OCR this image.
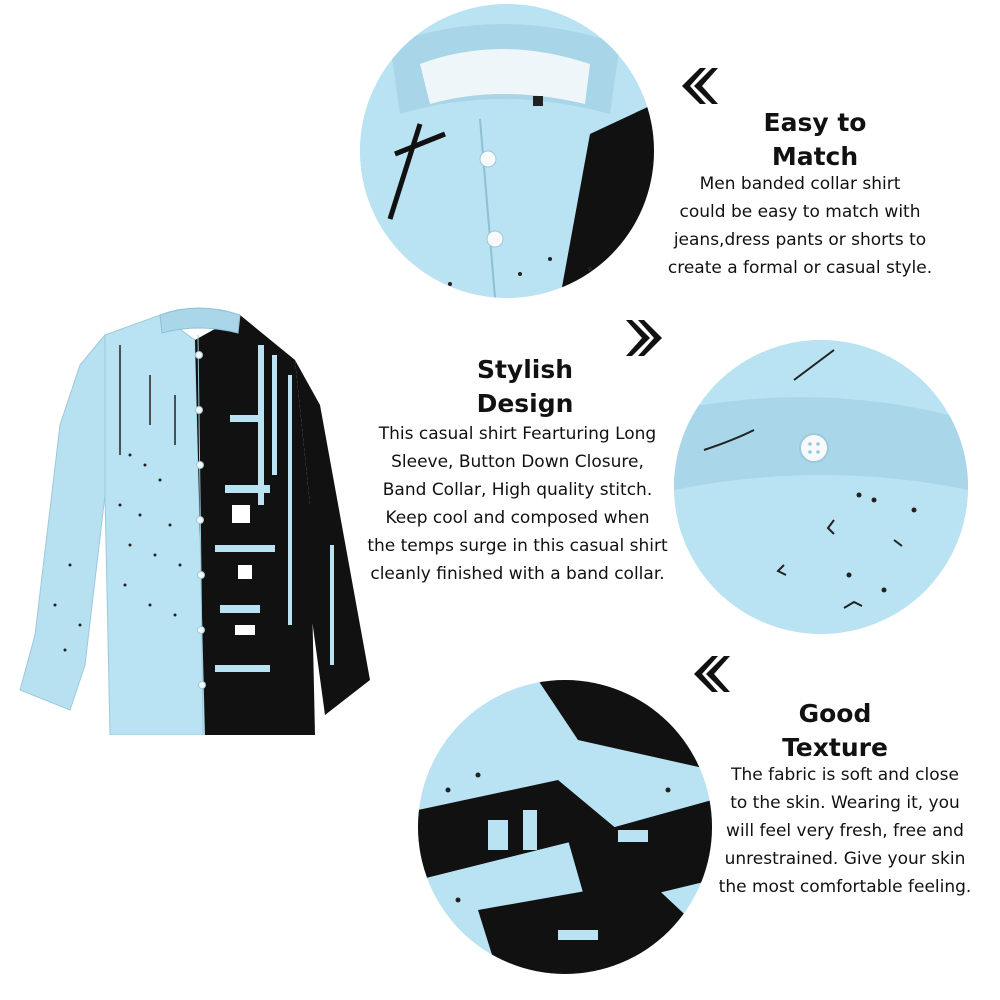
Easy to
Match
Men banded collar shirt
could be easy to match with
jeans,dress pants or shorts to
create a formal or casual style.
Stylish
Design
This casual shirt Fearturing Long
Sleeve, Button Down Closure,
Band Collar, High quality stitch.
Keep cool and composed when
the temps surge in this casual shirt
cleanly finished with a band collar.
Good
Texture
The fabric is soft and close
to the skin. Wearing it, you
will feel very fresh, free and
unrestrained. Give your skin
the most comfortable feeling.
